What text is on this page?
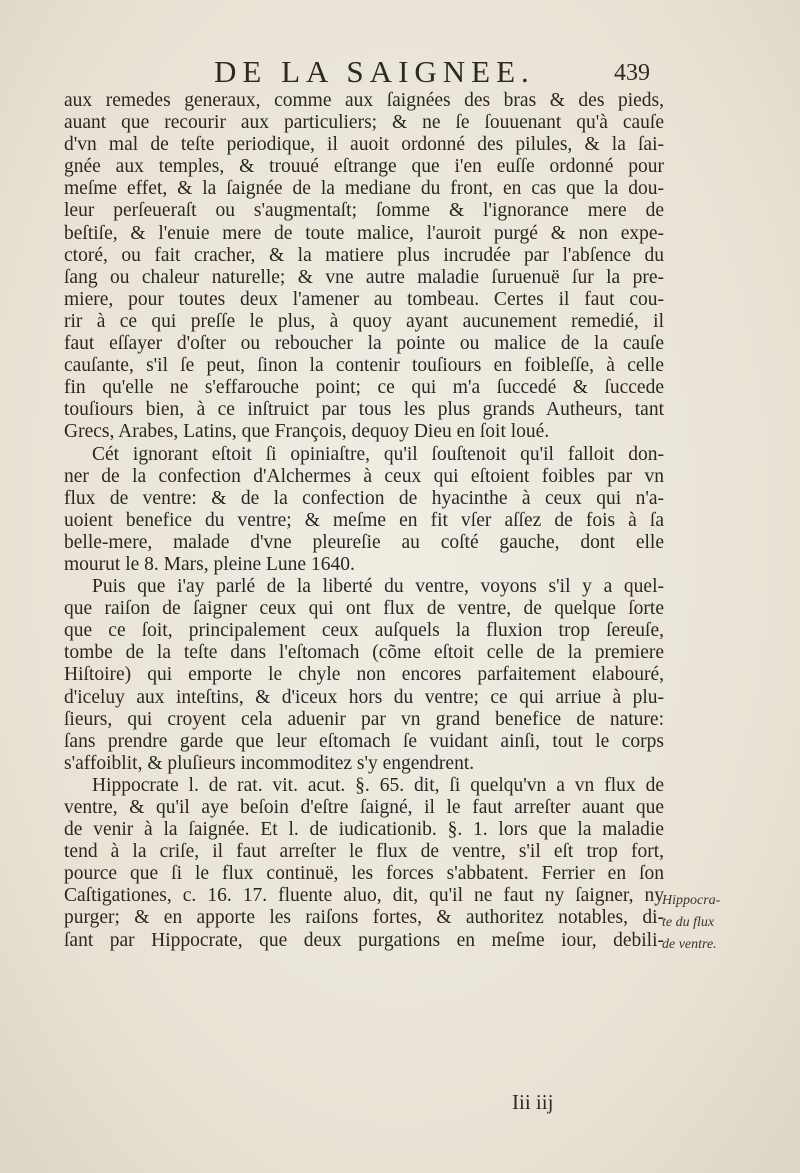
DE LA SAIGNEE.	439
aux remedes generaux, comme aux ſaignées des bras & des pieds,
auant que recourir aux particuliers; & ne ſe ſouuenant qu'à cauſe
d'vn mal de teſte periodique, il auoit ordonné des pilules, & la ſai-
gnée aux temples, & trouué eſtrange que i'en euſſe ordonné pour
meſme effet, & la ſaignée de la mediane du front, en cas que la dou-
leur perſeueraſt ou s'augmentaſt; ſomme & l'ignorance mere de
beſtiſe, & l'enuie mere de toute malice, l'auroit purgé & non expe-
ctoré, ou fait cracher, & la matiere plus incrudée par l'abſence du
ſang ou chaleur naturelle; & vne autre maladie ſuruenuë ſur la pre-
miere, pour toutes deux l'amener au tombeau. Certes il faut cou-
rir à ce qui preſſe le plus, à quoy ayant aucunement remedié, il
faut eſſayer d'oſter ou reboucher la pointe ou malice de la cauſe
cauſante, s'il ſe peut, ſinon la contenir touſiours en foibleſſe, à celle
fin qu'elle ne s'effarouche point; ce qui m'a ſuccedé & ſuccede
touſiours bien, à ce inſtruict par tous les plus grands Autheurs, tant
Grecs, Arabes, Latins, que François, dequoy Dieu en ſoit loué.
Cét ignorant eſtoit ſi opiniaſtre, qu'il ſouſtenoit qu'il falloit don-
ner de la confection d'Alchermes à ceux qui eſtoient foibles par vn
flux de ventre: & de la confection de hyacinthe à ceux qui n'a-
uoient benefice du ventre; & meſme en fit vſer aſſez de fois à ſa
belle-mere, malade d'vne pleureſie au coſté gauche, dont elle
mourut le 8. Mars, pleine Lune 1640.
Puis que i'ay parlé de la liberté du ventre, voyons s'il y a quel-
que raiſon de ſaigner ceux qui ont flux de ventre, de quelque ſorte
que ce ſoit, principalement ceux auſquels la fluxion trop ſereuſe,
tombe de la teſte dans l'eſtomach (cõme eſtoit celle de la premiere
Hiſtoire) qui emporte le chyle non encores parfaitement elabouré,
d'iceluy aux inteſtins, & d'iceux hors du ventre; ce qui arriue à plu-
ſieurs, qui croyent cela aduenir par vn grand benefice de nature:
ſans prendre garde que leur eſtomach ſe vuidant ainſi, tout le corps
s'affoiblit, & pluſieurs incommoditez s'y engendrent.
Hippocrate l. de rat. vit. acut. §. 65. dit, ſi quelqu'vn a vn flux de
ventre, & qu'il aye beſoin d'eſtre ſaigné, il le faut arreſter auant que
de venir à la ſaignée. Et l. de iudicationib. §. 1. lors que la maladie
tend à la criſe, il faut arreſter le flux de ventre, s'il eſt trop fort,
pource que ſi le flux continuë, les forces s'abbatent. Ferrier en ſon
Caſtigationes, c. 16. 17. fluente aluo, dit, qu'il ne faut ny ſaigner, ny
purger; & en apporte les raiſons fortes, & authoritez notables, di-
ſant par Hippocrate, que deux purgations en meſme iour, debili-
Hippocra-
te du flux
de ventre.
Iii iij
